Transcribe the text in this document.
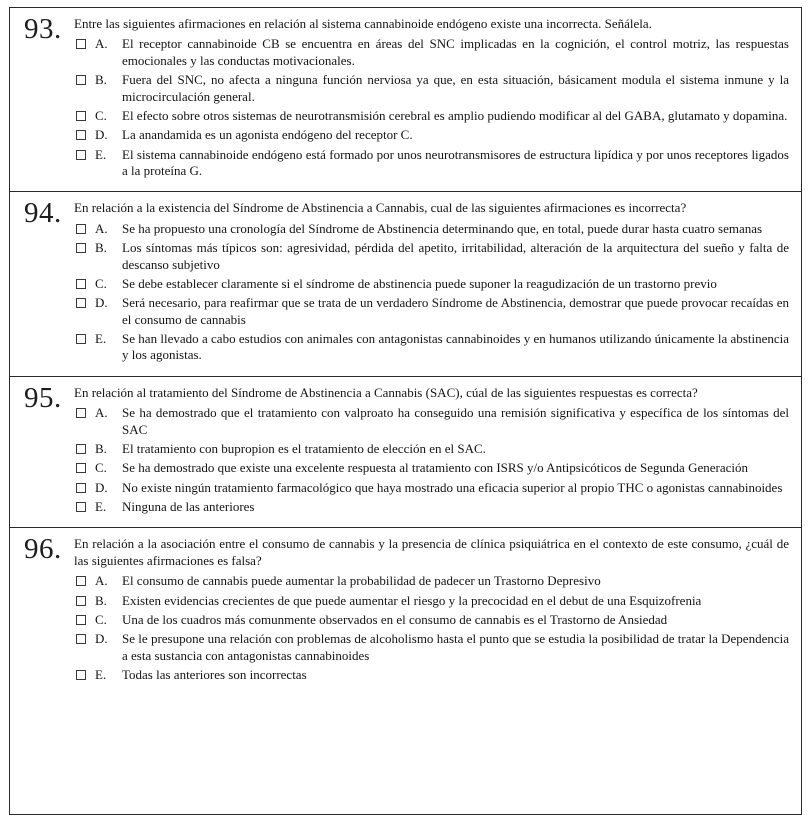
93. Entre las siguientes afirmaciones en relación al sistema cannabinoide endógeno existe una incorrecta. Señálela.

A.	El receptor cannabinoide CB se encuentra en áreas del SNC implicadas en la cognición, el control motriz, las respuestas emocionales y las conductas motivacionales.
B.	Fuera del SNC, no afecta a ninguna función nerviosa ya que, en esta situación, básicament modula el sistema inmune y la microcirculación general.
C.	El efecto sobre otros sistemas de neurotransmisión cerebral es amplio pudiendo modificar al del GABA, glutamato y dopamina.
D.	La anandamida es un agonista endógeno del receptor C.
E.	El sistema cannabinoide endógeno está formado por unos neurotransmisores de estructura lipídica y por unos receptores ligados a la proteína G.
94. En relación a la existencia del Síndrome de Abstinencia a Cannabis, cual de las siguientes afirmaciones es incorrecta?

A.	Se ha propuesto una cronología del Síndrome de Abstinencia determinando que, en total, puede durar hasta cuatro semanas
B.	Los síntomas más típicos son: agresividad, pérdida del apetito, irritabilidad, alteración de la arquitectura del sueño y falta de descanso subjetivo
C.	Se debe establecer claramente si el síndrome de abstinencia puede suponer la reagudización de un trastorno previo
D.	Será necesario, para reafirmar que se trata de un verdadero Síndrome de Abstinencia, demostrar que puede provocar recaídas en el consumo de cannabis
E.	Se han llevado a cabo estudios con animales con antagonistas cannabinoides y en humanos utilizando únicamente la abstinencia y los agonistas.
95. En relación al tratamiento del Síndrome de Abstinencia a Cannabis (SAC), cúal de las siguientes respuestas es correcta?

A.	Se ha demostrado que el tratamiento con valproato ha conseguido una remisión significativa y específica de los síntomas del SAC
B.	El tratamiento con bupropion es el tratamiento de elección en el SAC.
C.	Se ha demostrado que existe una excelente respuesta al tratamiento con ISRS y/o Antipsicóticos de Segunda Generación
D.	No existe ningún tratamiento farmacológico que haya mostrado una eficacia superior al propio THC o agonistas cannabinoides
E.	Ninguna de las anteriores
96. En relación a la asociación entre el consumo de cannabis y la presencia de clínica psiquiátrica en el contexto de este consumo, ¿cuál de las siguientes afirmaciones es falsa?

A.	El consumo de cannabis puede aumentar la probabilidad de padecer un Trastorno Depresivo
B.	Existen evidencias crecientes de que puede aumentar el riesgo y la precocidad en el debut de una Esquizofrenia
C.	Una de los cuadros más comunmente observados en el consumo de cannabis es el Trastorno de Ansiedad
D.	Se le presupone una relación con problemas de alcoholismo hasta el punto que se estudia la posibilidad de tratar la Dependencia a esta sustancia con antagonistas cannabinoides
E.	Todas las anteriores son incorrectas
